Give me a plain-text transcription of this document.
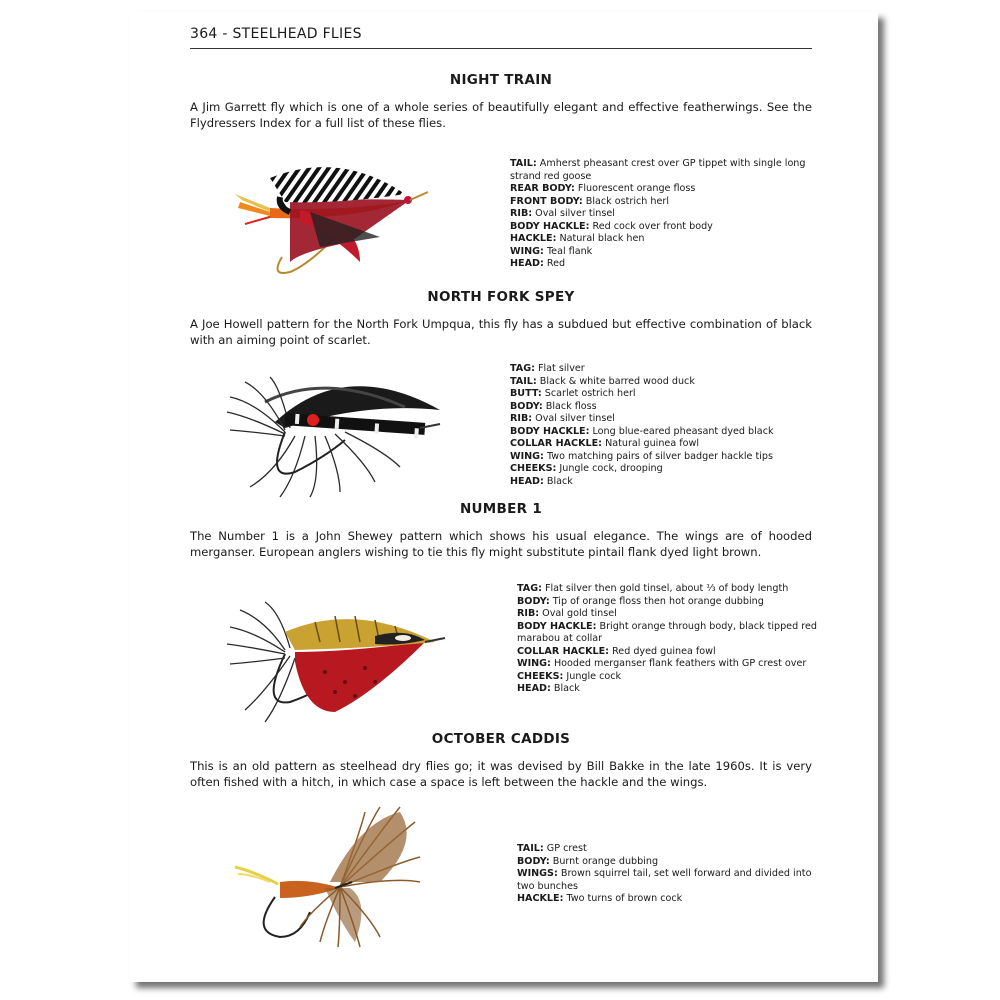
364 - STEELHEAD FLIES
NIGHT TRAIN
A Jim Garrett fly which is one of a whole series of beautifully elegant and effective featherwings. See the Flydressers Index for a full list of these flies.
TAIL: Amherst pheasant crest over GP tippet with single long strand red goose
REAR BODY: Fluorescent orange floss
FRONT BODY: Black ostrich herl
RIB: Oval silver tinsel
BODY HACKLE: Red cock over front body
HACKLE: Natural black hen
WING: Teal flank
HEAD: Red
NORTH FORK SPEY
A Joe Howell pattern for the North Fork Umpqua, this fly has a subdued but effective combination of black with an aiming point of scarlet.
TAG: Flat silver
TAIL: Black & white barred wood duck
BUTT: Scarlet ostrich herl
BODY: Black floss
RIB: Oval silver tinsel
BODY HACKLE: Long blue-eared pheasant dyed black
COLLAR HACKLE: Natural guinea fowl
WING: Two matching pairs of silver badger hackle tips
CHEEKS: Jungle cock, drooping
HEAD: Black
NUMBER 1
The Number 1 is a John Shewey pattern which shows his usual elegance. The wings are of hooded merganser. European anglers wishing to tie this fly might substitute pintail flank dyed light brown.
TAG: Flat silver then gold tinsel, about ⅓ of body length
BODY: Tip of orange floss then hot orange dubbing
RIB: Oval gold tinsel
BODY HACKLE: Bright orange through body, black tipped red marabou at collar
COLLAR HACKLE: Red dyed guinea fowl
WING: Hooded merganser flank feathers with GP crest over
CHEEKS: Jungle cock
HEAD: Black
OCTOBER CADDIS
This is an old pattern as steelhead dry flies go; it was devised by Bill Bakke in the late 1960s. It is very often fished with a hitch, in which case a space is left between the hackle and the wings.
TAIL: GP crest
BODY: Burnt orange dubbing
WINGS: Brown squirrel tail, set well forward and divided into two bunches
HACKLE: Two turns of brown cock
